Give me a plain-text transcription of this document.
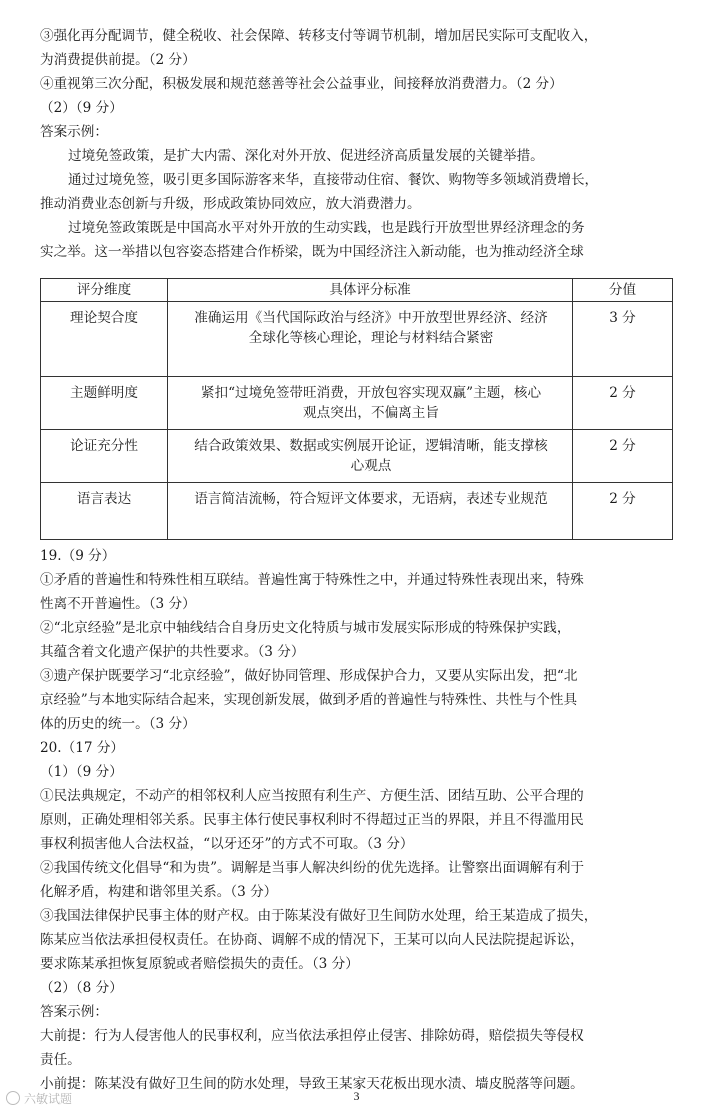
③强化再分配调节，健全税收、社会保障、转移支付等调节机制，增加居民实际可支配收入，
为消费提供前提。（2 分）
④重视第三次分配，积极发展和规范慈善等社会公益事业，间接释放消费潜力。（2 分）
（2）（9 分）
答案示例：
过境免签政策，是扩大内需、深化对外开放、促进经济高质量发展的关键举措。
通过过境免签，吸引更多国际游客来华，直接带动住宿、餐饮、购物等多领域消费增长，
推动消费业态创新与升级，形成政策协同效应，放大消费潜力。
过境免签政策既是中国高水平对外开放的生动实践，也是践行开放型世界经济理念的务
实之举。这一举措以包容姿态搭建合作桥梁，既为中国经济注入新动能，也为推动经济全球
评分维度	具体评分标准	分值

理论契合度	准确运用《当代国际政治与经济》中开放型世界经济、经济
全球化等核心理论，理论与材料结合紧密	3 分

主题鲜明度	紧扣“过境免签带旺消费，开放包容实现双赢”主题，核心
观点突出，不偏离主旨	2 分

论证充分性	结合政策效果、数据或实例展开论证，逻辑清晰，能支撑核
心观点	2 分

语言表达	语言简洁流畅，符合短评文体要求，无语病，表述专业规范	2 分
19.（9 分）
①矛盾的普遍性和特殊性相互联结。普遍性寓于特殊性之中，并通过特殊性表现出来，特殊
性离不开普遍性。（3 分）
②“北京经验”是北京中轴线结合自身历史文化特质与城市发展实际形成的特殊保护实践，
其蕴含着文化遗产保护的共性要求。（3 分）
③遗产保护既要学习“北京经验”，做好协同管理、形成保护合力，又要从实际出发，把“北
京经验”与本地实际结合起来，实现创新发展，做到矛盾的普遍性与特殊性、共性与个性具
体的历史的统一。（3 分）
20.（17 分）
（1）（9 分）
①民法典规定，不动产的相邻权利人应当按照有利生产、方便生活、团结互助、公平合理的
原则，正确处理相邻关系。民事主体行使民事权利时不得超过正当的界限，并且不得滥用民
事权利损害他人合法权益，“以牙还牙”的方式不可取。（3 分）
②我国传统文化倡导“和为贵”。调解是当事人解决纠纷的优先选择。让警察出面调解有利于
化解矛盾，构建和谐邻里关系。（3 分）
③我国法律保护民事主体的财产权。由于陈某没有做好卫生间防水处理，给王某造成了损失，
陈某应当依法承担侵权责任。在协商、调解不成的情况下，王某可以向人民法院提起诉讼，
要求陈某承担恢复原貌或者赔偿损失的责任。（3 分）
（2）（8 分）
答案示例：
大前提：行为人侵害他人的民事权利，应当依法承担停止侵害、排除妨碍，赔偿损失等侵权
责任。
小前提：陈某没有做好卫生间的防水处理，导致王某家天花板出现水渍、墙皮脱落等问题。
六敏试题	3
